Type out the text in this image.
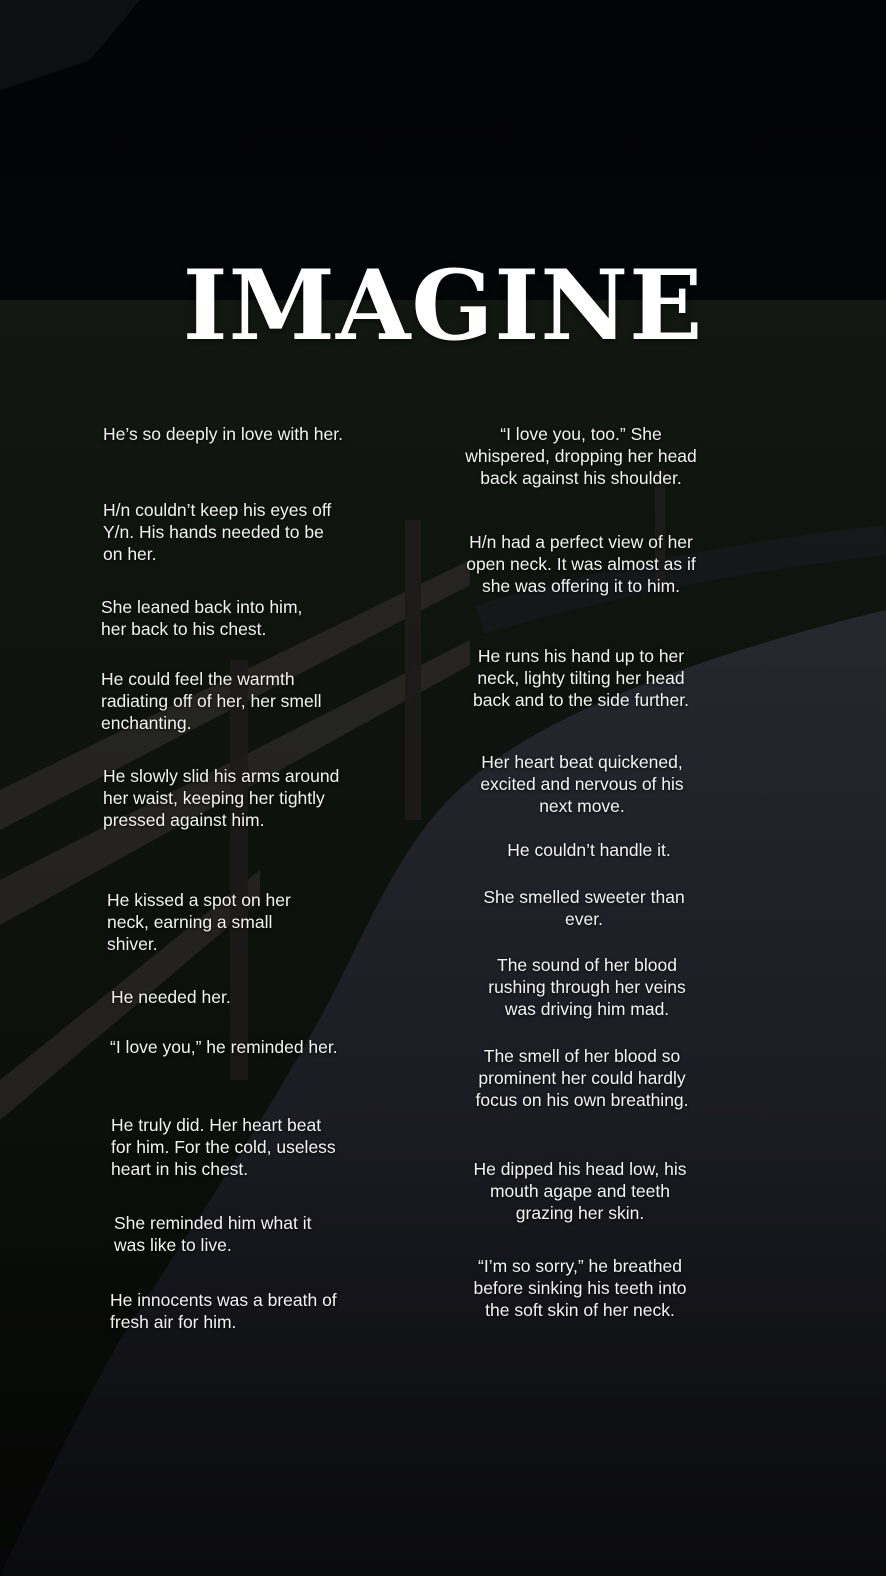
IMAGINE

He’s so deeply in love with her.

H/n couldn’t keep his eyes off Y/n. His hands needed to be on her.

She leaned back into him, her back to his chest.

He could feel the warmth radiating off of her, her smell enchanting.

He slowly slid his arms around her waist, keeping her tightly pressed against him.

He kissed a spot on her neck, earning a small shiver.

He needed her.

“I love you,” he reminded her.

He truly did. Her heart beat for him. For the cold, useless heart in his chest.

She reminded him what it was like to live.

He innocents was a breath of fresh air for him.

“I love you, too.” She whispered, dropping her head back against his shoulder.

H/n had a perfect view of her open neck. It was almost as if she was offering it to him.

He runs his hand up to her neck, lighty tilting her head back and to the side further.

Her heart beat quickened, excited and nervous of his next move.

He couldn’t handle it.

She smelled sweeter than ever.

The sound of her blood rushing through her veins was driving him mad.

The smell of her blood so prominent her could hardly focus on his own breathing.

He dipped his head low, his mouth agape and teeth grazing her skin.

“I’m so sorry,” he breathed before sinking his teeth into the soft skin of her neck.
